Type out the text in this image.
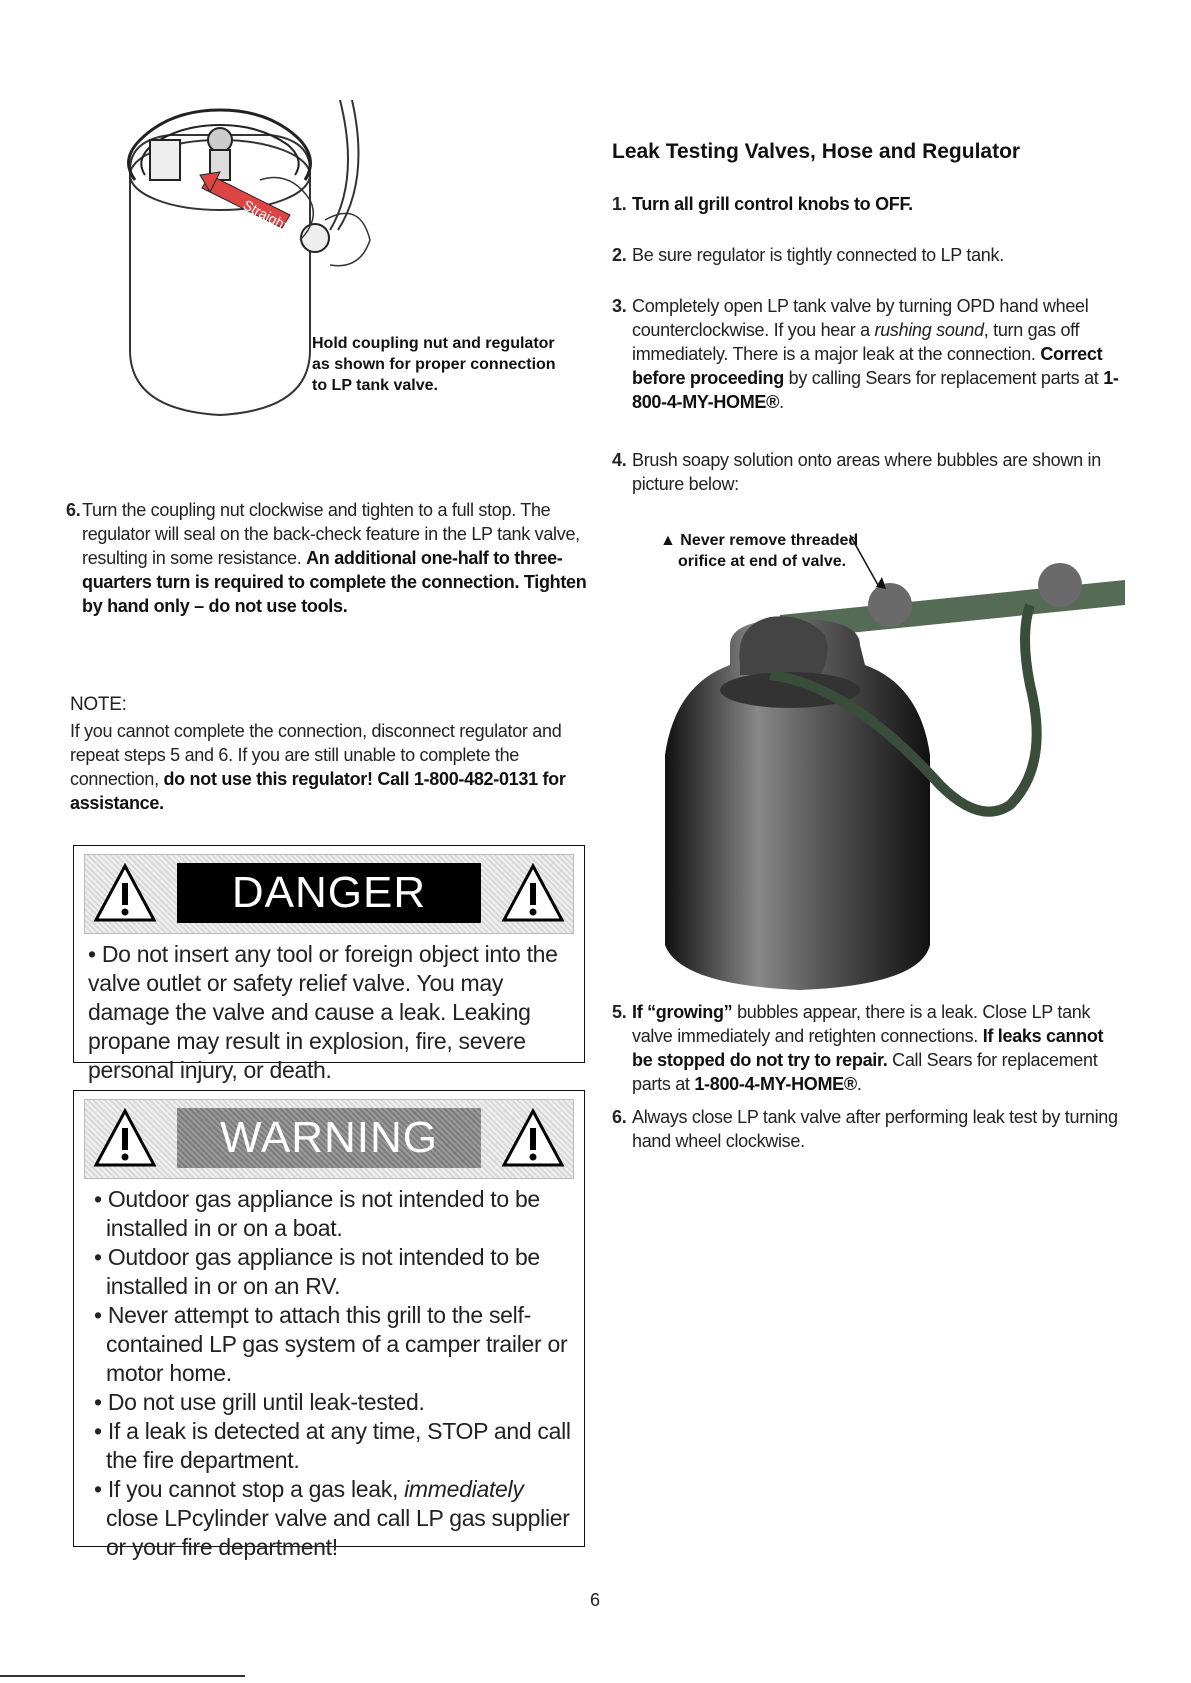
Straight
Hold coupling nut and regulator
as shown for proper connection
to LP tank valve.
6. Turn the coupling nut clockwise and tighten to a full stop. The regulator will seal on the back-check feature in the LP tank valve, resulting in some resistance. An additional one-half to three-quarters turn is required to complete the connection. Tighten by hand only – do not use tools.
NOTE:
If you cannot complete the connection, disconnect regulator and repeat steps 5 and 6. If you are still unable to complete the connection, do not use this regulator! Call 1-800-482-0131 for assistance.
DANGER
• Do not insert any tool or foreign object into the valve outlet or safety relief valve. You may damage the valve and cause a leak. Leaking propane may result in explosion, fire, severe personal injury, or death.
WARNING
• Outdoor gas appliance is not intended to be installed in or on a boat.
• Outdoor gas appliance is not intended to be installed in or on an RV.
• Never attempt to attach this grill to the self-contained LP gas system of a camper trailer or motor home.
• Do not use grill until leak-tested.
• If a leak is detected at any time, STOP and call the fire department.
• If you cannot stop a gas leak, immediately close LPcylinder valve and call LP gas supplier or your fire department!
Leak Testing Valves, Hose and Regulator
1. Turn all grill control knobs to OFF.
2. Be sure regulator is tightly connected to LP tank.
3. Completely open LP tank valve by turning OPD hand wheel counterclockwise. If you hear a rushing sound, turn gas off immediately. There is a major leak at the connection. Correct before proceeding by calling Sears for replacement parts at 1-800-4-MY-HOME®.
4. Brush soapy solution onto areas where bubbles are shown in picture below:
▲ Never remove threaded
orifice at end of valve.
5. If “growing” bubbles appear, there is a leak. Close LP tank valve immediately and retighten connections. If leaks cannot be stopped do not try to repair. Call Sears for replacement parts at 1-800-4-MY-HOME®.
6. Always close LP tank valve after performing leak test by turning hand wheel clockwise.
6
